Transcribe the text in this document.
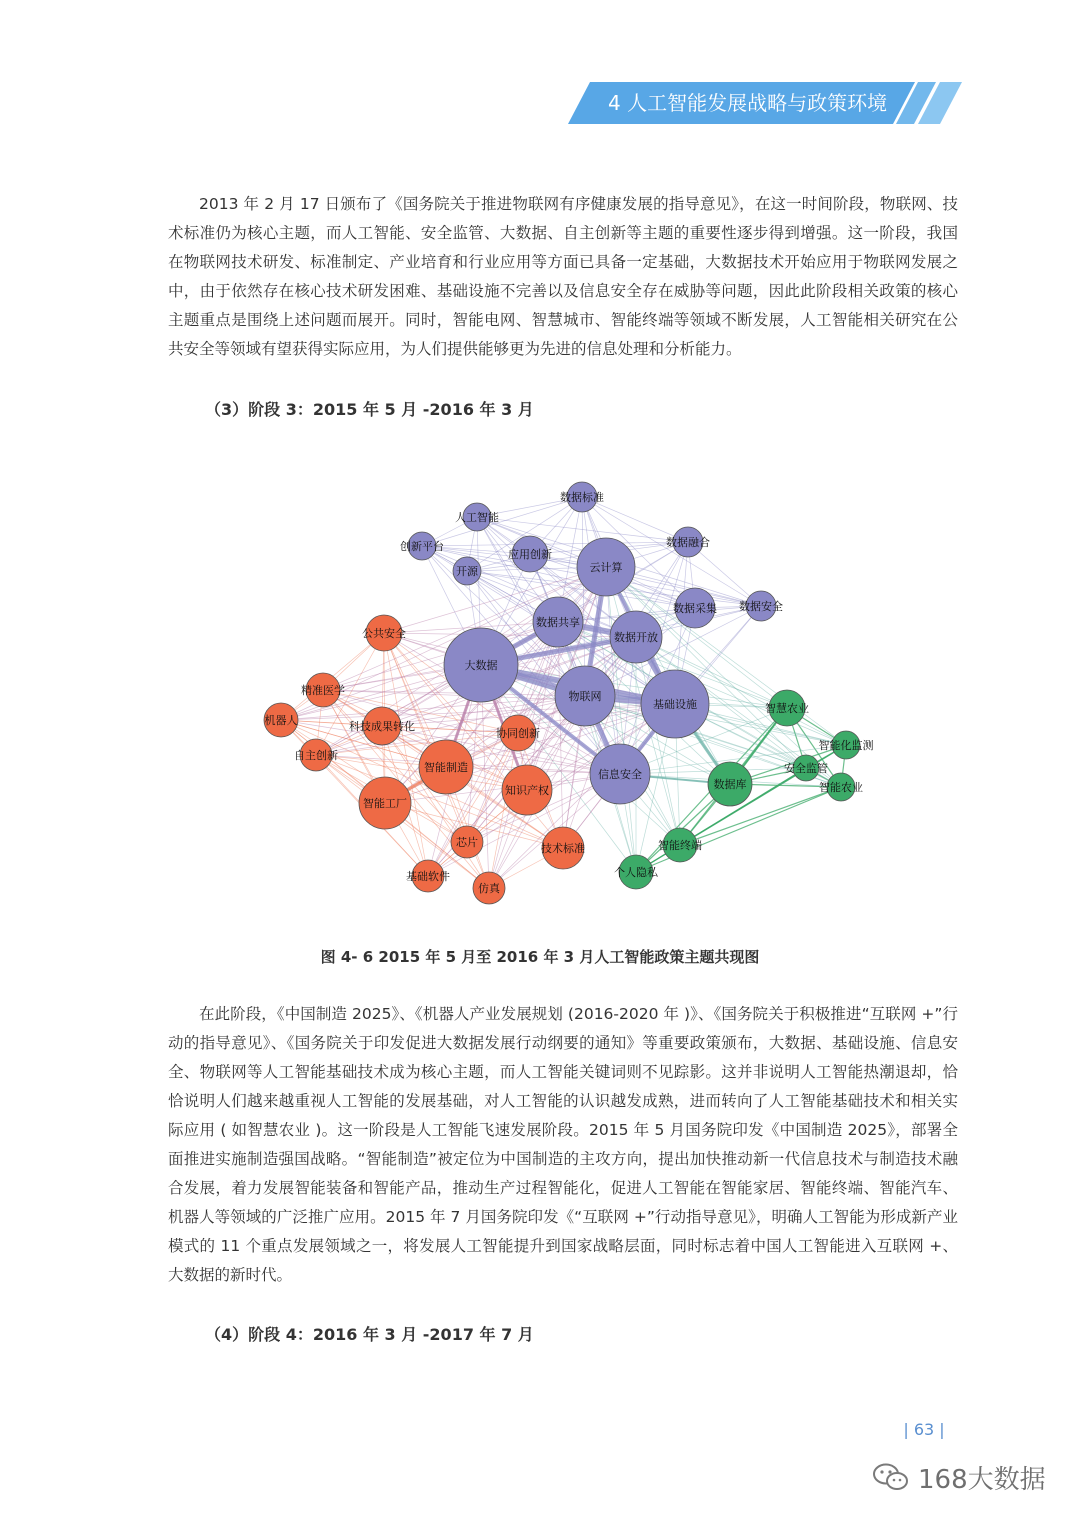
4 人工智能发展战略与政策环境

2013 年 2 月 17 日颁布了《国务院关于推进物联网有序健康发展的指导意见》，在这一时间阶段，物联网、技术标准仍为核心主题，而人工智能、安全监管、大数据、自主创新等主题的重要性逐步得到增强。这一阶段，我国在物联网技术研发、标准制定、产业培育和行业应用等方面已具备一定基础，大数据技术开始应用于物联网发展之中，由于依然存在核心技术研发困难、基础设施不完善以及信息安全存在威胁等问题，因此此阶段相关政策的核心主题重点是围绕上述问题而展开。同时，智能电网、智慧城市、智能终端等领域不断发展，人工智能相关研究在公共安全等领域有望获得实际应用，为人们提供能够更为先进的信息处理和分析能力。

（3）阶段 3：2015 年 5 月 -2016 年 3 月
数据标准
人工智能
创新平台
开源
应用创新
云计算
数据融合
数据采集 数据安全
数据共享
数据开放
大数据
物联网
基础设施
信息安全
公共安全
精准医学
机器人	科技成果转化
自主创新
协同创新
智能制造
知识产权
智能工厂
芯片	技术标准
基础软件
仿真
智慧农业
智能化监测
安全监管
数据库	智能农业
智能终端
个人隐私
图 4- 6 2015 年 5 月至 2016 年 3 月人工智能政策主题共现图

在此阶段，《中国制造 2025》、《机器人产业发展规划 (2016-2020 年 )》、《国务院关于积极推进“互联网 +”行动的指导意见》、《国务院关于印发促进大数据发展行动纲要的通知》等重要政策颁布，大数据、基础设施、信息安全、物联网等人工智能基础技术成为核心主题，而人工智能关键词则不见踪影。这并非说明人工智能热潮退却，恰恰说明人们越来越重视人工智能的发展基础，对人工智能的认识越发成熟，进而转向了人工智能基础技术和相关实际应用 ( 如智慧农业 )。这一阶段是人工智能飞速发展阶段。2015 年 5 月国务院印发《中国制造 2025》，部署全面推进实施制造强国战略。“智能制造”被定位为中国制造的主攻方向，提出加快推动新一代信息技术与制造技术融合发展，着力发展智能装备和智能产品，推动生产过程智能化，促进人工智能在智能家居、智能终端、智能汽车、机器人等领域的广泛推广应用。2015 年 7 月国务院印发《“互联网 +”行动指导意见》，明确人工智能为形成新产业模式的 11 个重点发展领域之一，将发展人工智能提升到国家战略层面，同时标志着中国人工智能进入互联网 +、大数据的新时代。

（4）阶段 4：2016 年 3 月 -2017 年 7 月
| 63 |
168大数据
